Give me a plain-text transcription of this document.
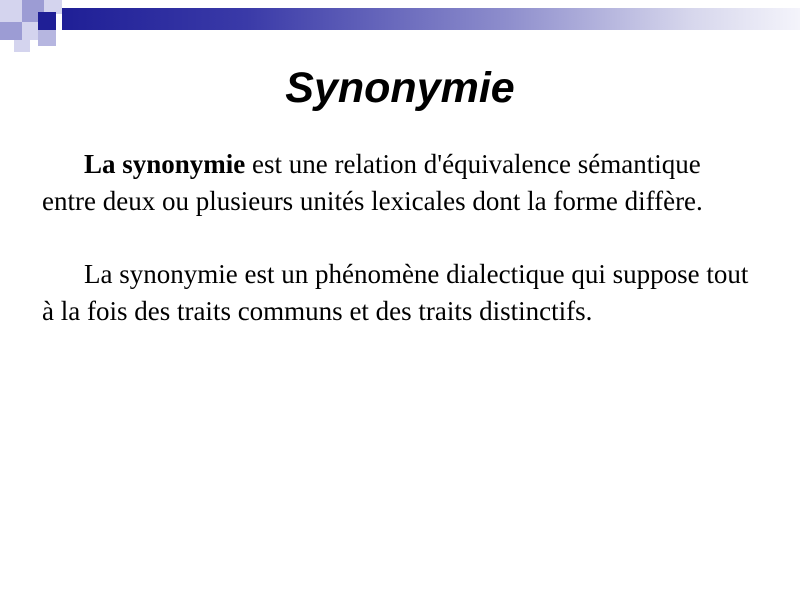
Synonymie

La synonymie est une relation d'équivalence sémantique entre deux ou plusieurs unités lexicales dont la forme diffère.

La synonymie est un phénomène dialectique qui suppose tout à la fois des traits communs et des traits distinctifs.
